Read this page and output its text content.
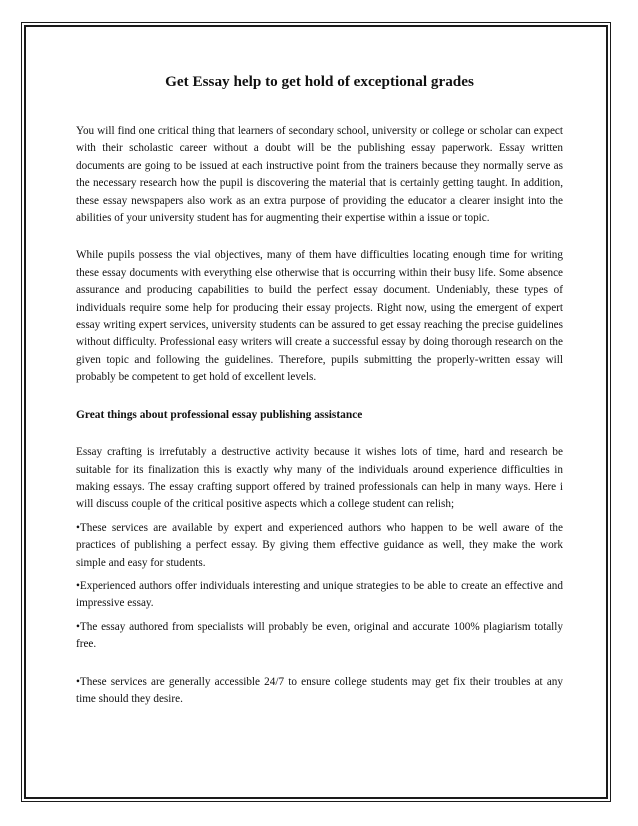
Get Essay help to get hold of exceptional grades

You will find one critical thing that learners of secondary school, university or college or scholar can expect with their scholastic career without a doubt will be the publishing essay paperwork. Essay written documents are going to be issued at each instructive point from the trainers because they normally serve as the necessary research how the pupil is discovering the material that is certainly getting taught. In addition, these essay newspapers also work as an extra purpose of providing the educator a clearer insight into the abilities of your university student has for augmenting their expertise within a issue or topic.

While pupils possess the vial objectives, many of them have difficulties locating enough time for writing these essay documents with everything else otherwise that is occurring within their busy life. Some absence assurance and producing capabilities to build the perfect essay document. Undeniably, these types of individuals require some help for producing their essay projects. Right now, using the emergent of expert essay writing expert services, university students can be assured to get essay reaching the precise guidelines without difficulty. Professional easy writers will create a successful essay by doing thorough research on the given topic and following the guidelines. Therefore, pupils submitting the properly-written essay will probably be competent to get hold of excellent levels.

Great things about professional essay publishing assistance

Essay crafting is irrefutably a destructive activity because it wishes lots of time, hard and research be suitable for its finalization this is exactly why many of the individuals around experience difficulties in making essays. The essay crafting support offered by trained professionals can help in many ways. Here i will discuss couple of the critical positive aspects which a college student can relish;

•These services are available by expert and experienced authors who happen to be well aware of the practices of publishing a perfect essay. By giving them effective guidance as well, they make the work simple and easy for students.

•Experienced authors offer individuals interesting and unique strategies to be able to create an effective and impressive essay.

•The essay authored from specialists will probably be even, original and accurate 100% plagiarism totally free.

•These services are generally accessible 24/7 to ensure college students may get fix their troubles at any time should they desire.
